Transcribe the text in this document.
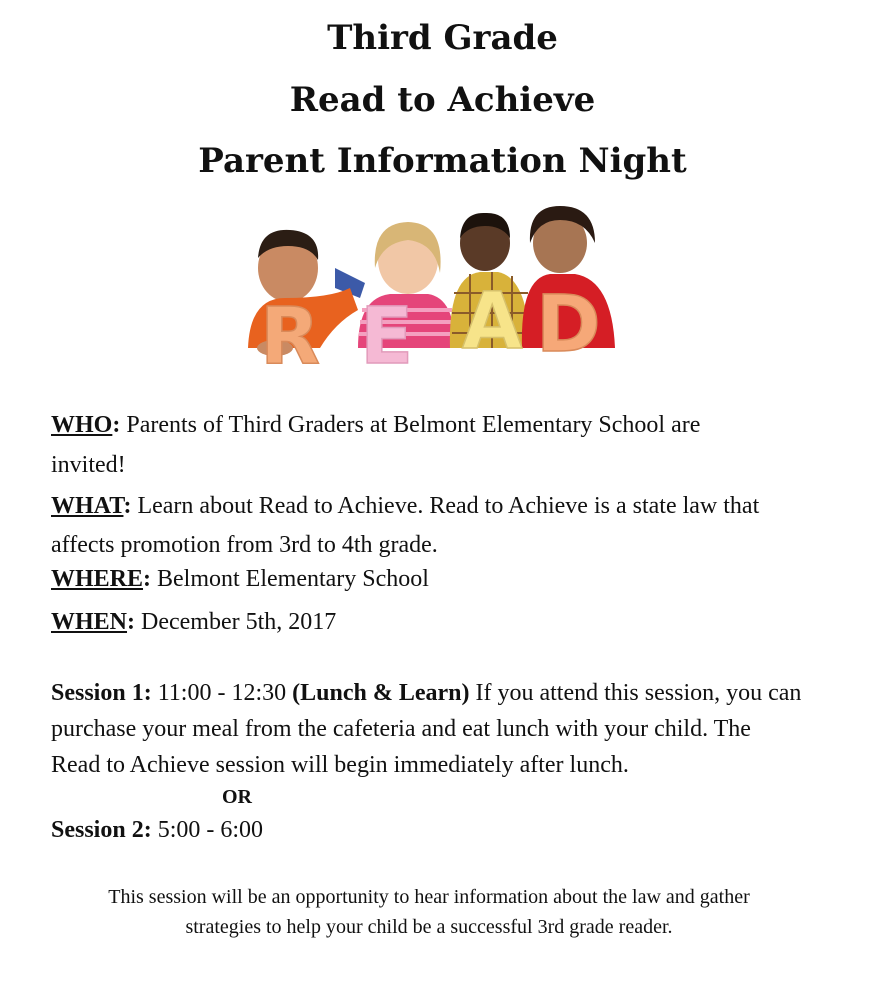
Third Grade
Read to Achieve
Parent Information Night
R E A D
WHO: Parents of Third Graders at Belmont Elementary School are
invited!
WHAT: Learn about Read to Achieve. Read to Achieve is a state law that
affects promotion from 3rd to 4th grade.
WHERE: Belmont Elementary School
WHEN: December 5th, 2017
Session 1: 11:00 - 12:30 (Lunch & Learn) If you attend this session, you can
purchase your meal from the cafeteria and eat lunch with your child. The
Read to Achieve session will begin immediately after lunch.
OR
Session 2: 5:00 - 6:00
This session will be an opportunity to hear information about the law and gather
strategies to help your child be a successful 3rd grade reader.
